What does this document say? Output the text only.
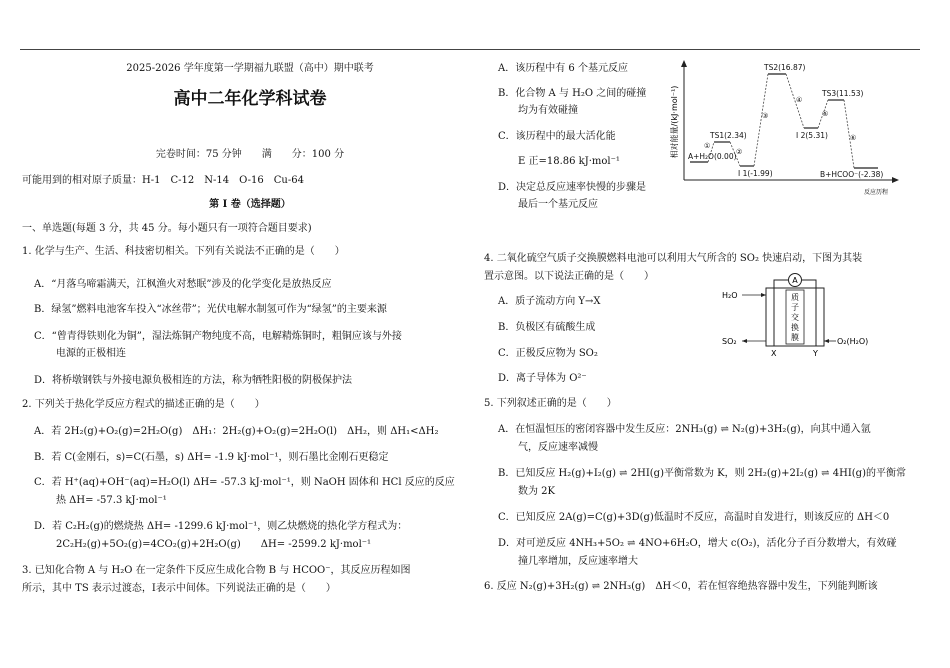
2025-2026 学年度第一学期福九联盟（高中）期中联考
高中二年化学科试卷
完卷时间：75 分钟　　满　　分：100 分
可能用到的相对原子质量：H-1　C-12　N-14　O-16　Cu-64
第 I 卷（选择题）
一、单选题(每题 3 分，共 45 分。每小题只有一项符合题目要求)
1. 化学与生产、生活、科技密切相关。下列有关说法不正确的是（　　）
A．“月落乌啼霜满天，江枫渔火对愁眠”涉及的化学变化是放热反应
B．绿氢”燃料电池客车投入“冰丝带”；光伏电解水制氢可作为“绿氢”的主要来源
C．“曾青得铁则化为铜”，湿法炼铜产物纯度不高，电解精炼铜时，粗铜应该与外接
电源的正极相连
D．将桥墩钢铁与外接电源负极相连的方法，称为牺牲阳极的阴极保护法
2. 下列关于热化学反应方程式的描述正确的是（　　）
A．若 2H₂(g)+O₂(g)=2H₂O(g)　ΔH₁：2H₂(g)+O₂(g)=2H₂O(l)　ΔH₂，则 ΔH₁<ΔH₂
B．若 C(金刚石，s)=C(石墨，s) ΔH= -1.9 kJ·mol⁻¹，则石墨比金刚石更稳定
C．若 H⁺(aq)+OH⁻(aq)=H₂O(l) ΔH= -57.3 kJ·mol⁻¹，则 NaOH 固体和 HCl 反应的反应
热 ΔH= -57.3 kJ·mol⁻¹
D．若 C₂H₂(g)的燃烧热 ΔH= -1299.6 kJ·mol⁻¹，则乙炔燃烧的热化学方程式为：
2C₂H₂(g)+5O₂(g)=4CO₂(g)+2H₂O(g)　　ΔH= -2599.2 kJ·mol⁻¹
3. 已知化合物 A 与 H₂O 在一定条件下反应生成化合物 B 与 HCOO⁻，其反应历程如图
所示，其中 TS 表示过渡态，I表示中间体。下列说法正确的是（　　）
A．该历程中有 6 个基元反应
B．化合物 A 与 H₂O 之间的碰撞
均为有效碰撞
C．该历程中的最大活化能
E 正=18.86 kJ·mol⁻¹
D．决定总反应速率快慢的步骤是
最后一个基元反应
相对能量/(kJ·mol⁻¹)
反应历程
A+H₂O(0.00)
TS1(2.34)
I 1(-1.99)
TS2(16.87)
I 2(5.31)
TS3(11.53)
B+HCOO⁻(-2.38)
①
②
③
④
⑤
⑥
4. 二氧化硫空气质子交换膜燃料电池可以利用大气所含的 SO₂ 快速启动，下图为其装
置示意图。以下说法正确的是（　　）
A．质子流动方向 Y→X
B．负极区有硫酸生成
C．正极反应物为 SO₂
D．离子导体为 O²⁻
A
质
子
交
换
膜
H₂O
SO₂	O₂(H₂O)
X	Y
5. 下列叙述正确的是（　　）
A．在恒温恒压的密闭容器中发生反应：2NH₃(g) ⇌ N₂(g)+3H₂(g)，向其中通入氩
气，反应速率减慢
B．已知反应 H₂(g)+I₂(g) ⇌ 2HI(g)平衡常数为 K，则 2H₂(g)+2I₂(g) ⇌ 4HI(g)的平衡常
数为 2K
C．已知反应 2A(g)=C(g)+3D(g)低温时不反应，高温时自发进行，则该反应的 ΔH＜0
D．对可逆反应 4NH₃+5O₂ ⇌ 4NO+6H₂O，增大 c(O₂)，活化分子百分数增大，有效碰
撞几率增加，反应速率增大
6. 反应 N₂(g)+3H₂(g) ⇌ 2NH₃(g)　ΔH＜0，若在恒容绝热容器中发生，下列能判断该
